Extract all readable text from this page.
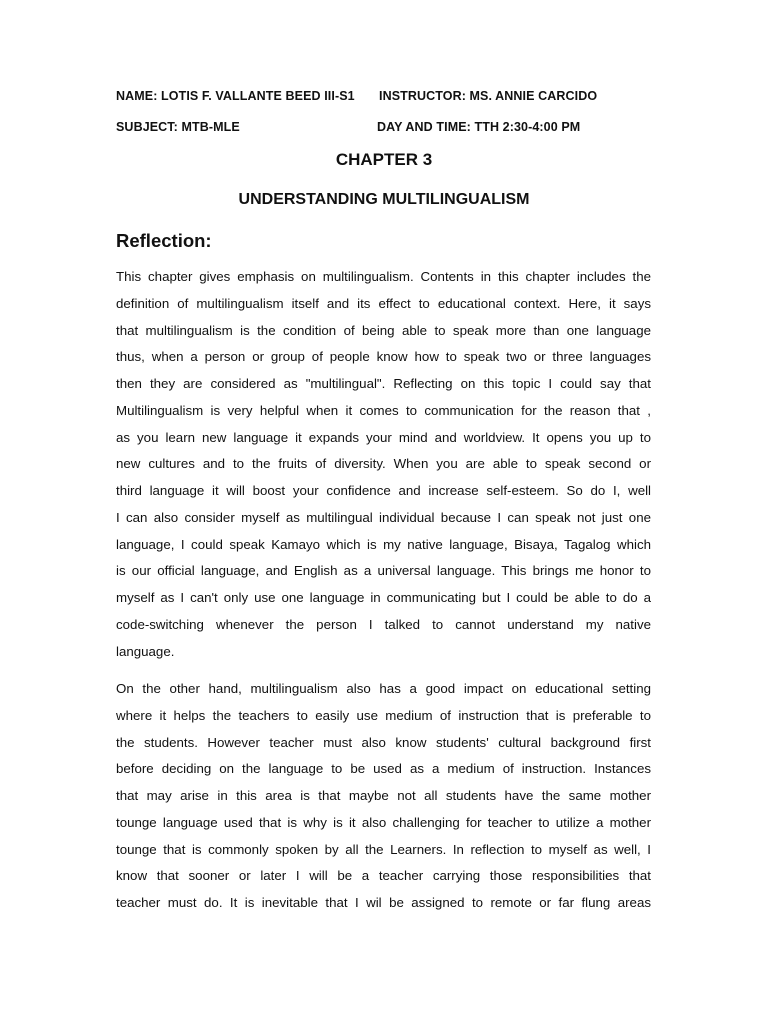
NAME: LOTIS F. VALLANTE BEED III-S1 INSTRUCTOR: MS. ANNIE CARCIDO
SUBJECT: MTB-MLE	DAY AND TIME: TTH 2:30-4:00 PM
CHAPTER 3
UNDERSTANDING MULTILINGUALISM
Reflection:
This chapter gives emphasis on multilingualism. Contents in this chapter includes the
definition of multilingualism itself and its effect to educational context. Here, it says
that multilingualism is the condition of being able to speak more than one language
thus, when a person or group of people know how to speak two or three languages
then they are considered as "multilingual". Reflecting on this topic I could say that
Multilingualism is very helpful when it comes to communication for the reason that ,
as you learn new language it expands your mind and worldview. It opens you up to
new cultures and to the fruits of diversity. When you are able to speak second or
third language it will boost your confidence and increase self-esteem. So do I, well
I can also consider myself as multilingual individual because I can speak not just one
language, I could speak Kamayo which is my native language, Bisaya, Tagalog which
is our official language, and English as a universal language. This brings me honor to
myself as I can't only use one language in communicating but I could be able to do a
code-switching whenever the person I talked to cannot understand my native
language.
On the other hand, multilingualism also has a good impact on educational setting
where it helps the teachers to easily use medium of instruction that is preferable to
the students. However teacher must also know students' cultural background first
before deciding on the language to be used as a medium of instruction. Instances
that may arise in this area is that maybe not all students have the same mother
tounge language used that is why is it also challenging for teacher to utilize a mother
tounge that is commonly spoken by all the Learners. In reflection to myself as well, I
know that sooner or later I will be a teacher carrying those responsibilities that
teacher must do. It is inevitable that I wil be assigned to remote or far flung areas
